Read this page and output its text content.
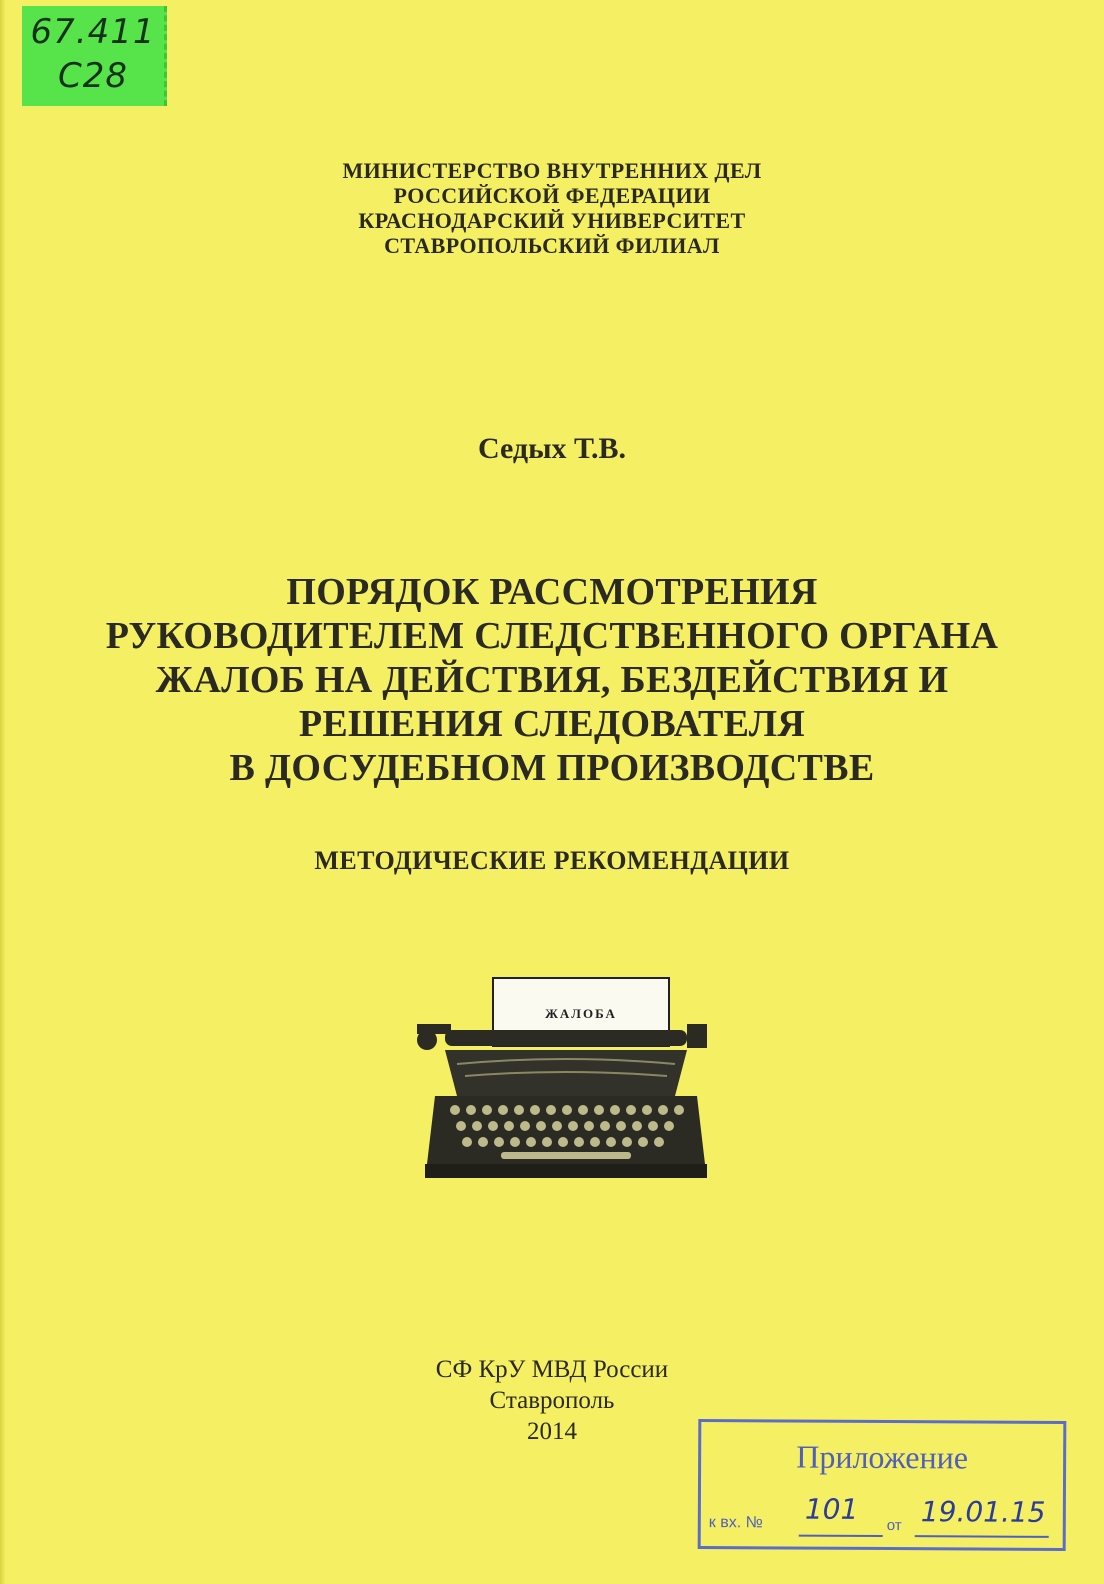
67.411
C28
МИНИСТЕРСТВО ВНУТРЕННИХ ДЕЛ
РОССИЙСКОЙ ФЕДЕРАЦИИ
КРАСНОДАРСКИЙ УНИВЕРСИТЕТ
СТАВРОПОЛЬСКИЙ ФИЛИАЛ
Седых Т.В.
ПОРЯДОК РАССМОТРЕНИЯ
РУКОВОДИТЕЛЕМ СЛЕДСТВЕННОГО ОРГАНА
ЖАЛОБ НА ДЕЙСТВИЯ, БЕЗДЕЙСТВИЯ И
РЕШЕНИЯ СЛЕДОВАТЕЛЯ
В ДОСУДЕБНОМ ПРОИЗВОДСТВЕ
МЕТОДИЧЕСКИЕ РЕКОМЕНДАЦИИ
ЖАЛОБА
СФ КрУ МВД России
Ставрополь
2014
Приложение
к вх. № 101 от 19.01.15
